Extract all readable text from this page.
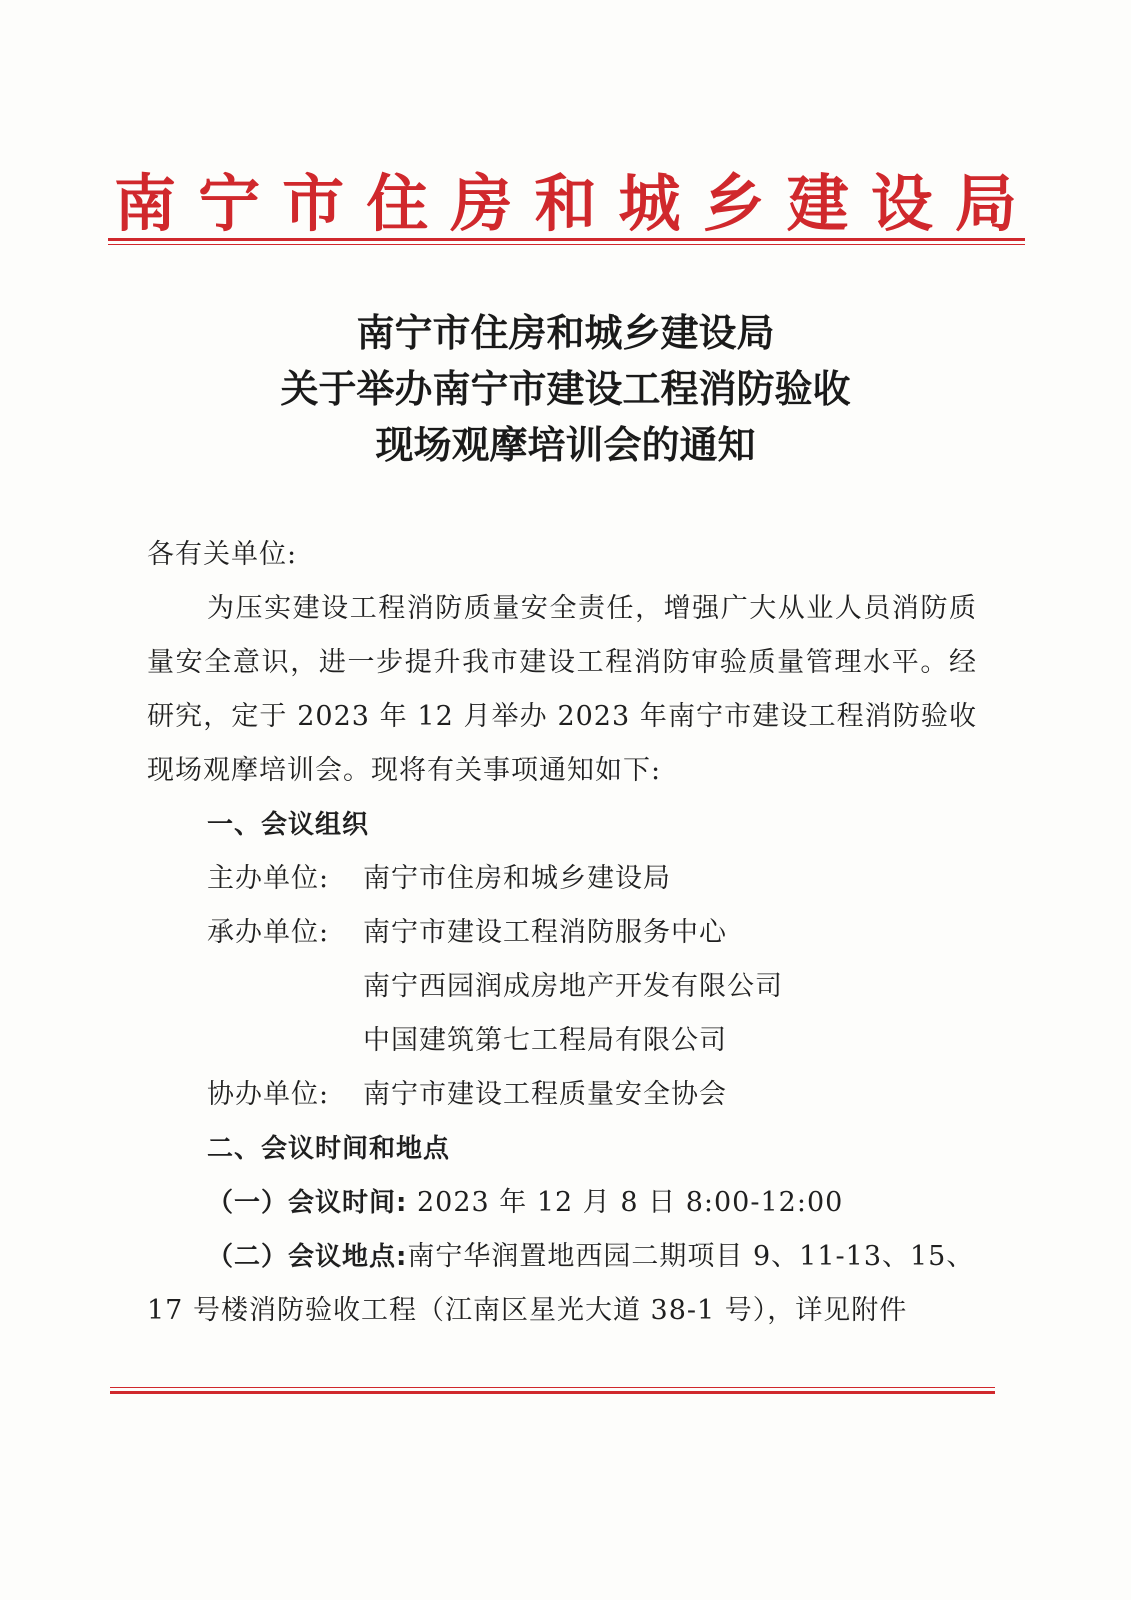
南 宁 市 住 房 和 城 乡 建 设 局
南宁市住房和城乡建设局
关于举办南宁市建设工程消防验收
现场观摩培训会的通知

各有关单位:

为压实建设工程消防质量安全责任，增强广大从业人员消防质量安全意识，进一步提升我市建设工程消防审验质量管理水平。经研究，定于 2023 年 12 月举办 2023 年南宁市建设工程消防验收现场观摩培训会。现将有关事项通知如下:

一、会议组织

主办单位:	南宁市住房和城乡建设局
承办单位:	南宁市建设工程消防服务中心

南宁西园润成房地产开发有限公司

中国建筑第七工程局有限公司

协办单位:	南宁市建设工程质量安全协会

二、会议时间和地点

（一）会议时间: 2023 年 12 月 8 日 8:00-12:00

（二）会议地点:南宁华润置地西园二期项目 9、11-13、15、17 号楼消防验收工程（江南区星光大道 38-1 号），详见附件
